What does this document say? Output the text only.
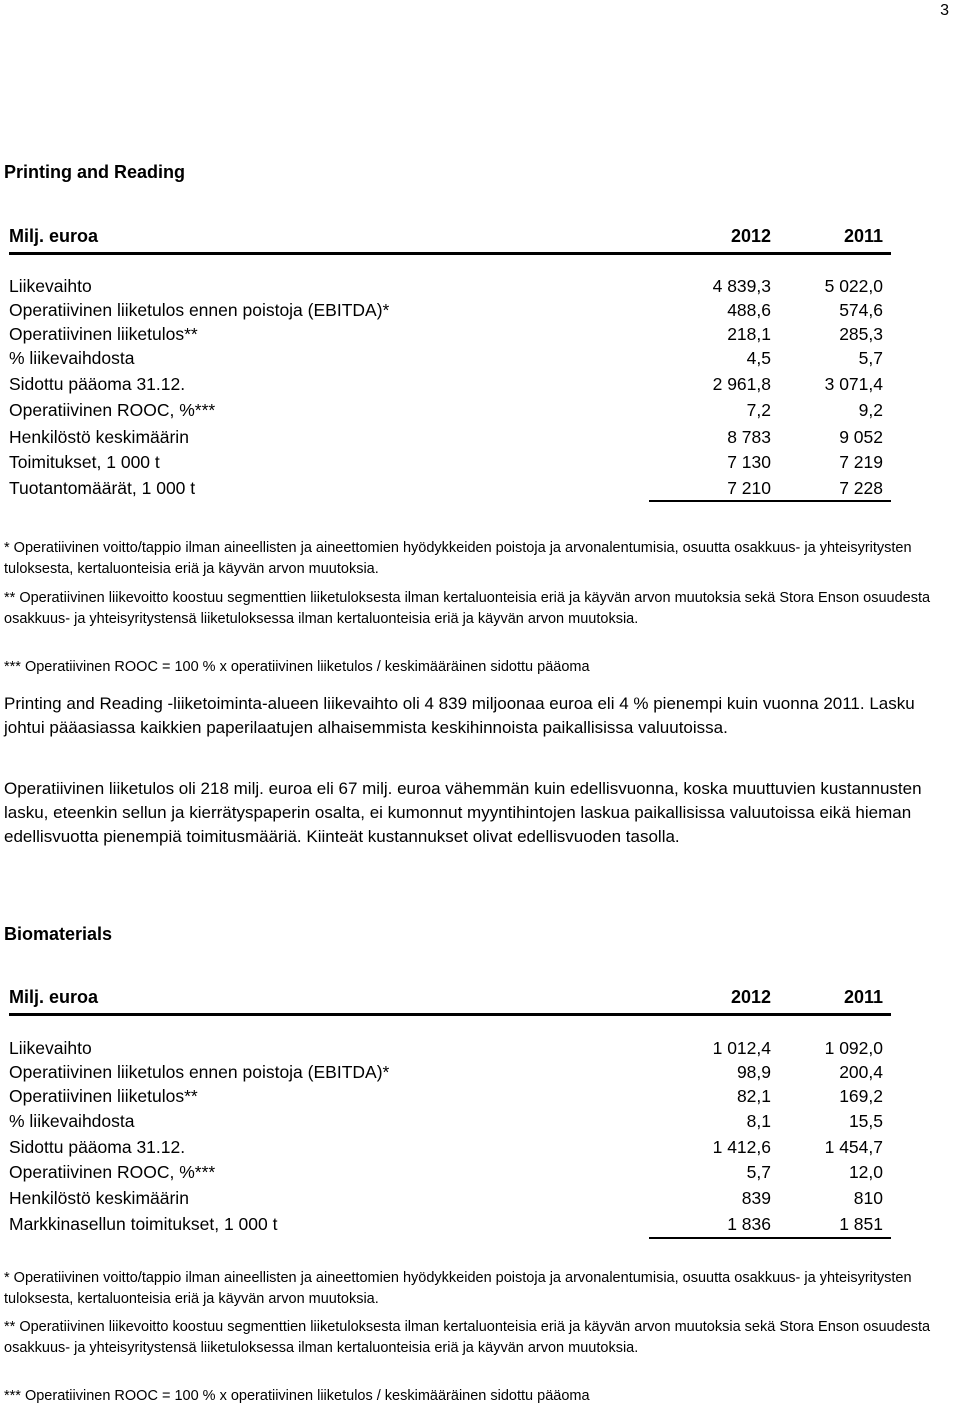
3
Printing and Reading
Milj. euroa	2012	2011
Liikevaihto	4 839,3	5 022,0
Operatiivinen liiketulos ennen poistoja (EBITDA)*	488,6	574,6
Operatiivinen liiketulos**	218,1	285,3
% liikevaihdosta	4,5	5,7
Sidottu pääoma 31.12.	2 961,8	3 071,4
Operatiivinen ROOC, %***	7,2	9,2
Henkilöstö keskimäärin	8 783	9 052
Toimitukset, 1 000 t	7 130	7 219
Tuotantomäärät, 1 000 t	7 210	7 228
* Operatiivinen voitto/tappio ilman aineellisten ja aineettomien hyödykkeiden poistoja ja arvonalentumisia, osuutta osakkuus- ja yhteisyritysten tuloksesta, kertaluonteisia eriä ja käyvän arvon muutoksia.
** Operatiivinen liikevoitto koostuu segmenttien liiketuloksesta ilman kertaluonteisia eriä ja käyvän arvon muutoksia sekä Stora Enson osuudesta osakkuus- ja yhteisyritystensä liiketuloksessa ilman kertaluonteisia eriä ja käyvän arvon muutoksia.
*** Operatiivinen ROOC = 100 % x operatiivinen liiketulos / keskimääräinen sidottu pääoma
Printing and Reading -liiketoiminta-alueen liikevaihto oli 4 839 miljoonaa euroa eli 4 % pienempi kuin vuonna 2011. Lasku johtui pääasiassa kaikkien paperilaatujen alhaisemmista keskihinnoista paikallisissa valuutoissa.
Operatiivinen liiketulos oli 218 milj. euroa eli 67 milj. euroa vähemmän kuin edellisvuonna, koska muuttuvien kustannusten lasku, eteenkin sellun ja kierrätyspaperin osalta, ei kumonnut myyntihintojen laskua paikallisissa valuutoissa eikä hieman edellisvuotta pienempiä toimitusmääriä. Kiinteät kustannukset olivat edellisvuoden tasolla.
Biomaterials
Milj. euroa	2012	2011
Liikevaihto	1 012,4	1 092,0
Operatiivinen liiketulos ennen poistoja (EBITDA)*	98,9	200,4
Operatiivinen liiketulos**	82,1	169,2
% liikevaihdosta	8,1	15,5
Sidottu pääoma 31.12.	1 412,6	1 454,7
Operatiivinen ROOC, %***	5,7	12,0
Henkilöstö keskimäärin	839	810
Markkinasellun toimitukset, 1 000 t	1 836	1 851
* Operatiivinen voitto/tappio ilman aineellisten ja aineettomien hyödykkeiden poistoja ja arvonalentumisia, osuutta osakkuus- ja yhteisyritysten tuloksesta, kertaluonteisia eriä ja käyvän arvon muutoksia.
** Operatiivinen liikevoitto koostuu segmenttien liiketuloksesta ilman kertaluonteisia eriä ja käyvän arvon muutoksia sekä Stora Enson osuudesta osakkuus- ja yhteisyritystensä liiketuloksessa ilman kertaluonteisia eriä ja käyvän arvon muutoksia.
*** Operatiivinen ROOC = 100 % x operatiivinen liiketulos / keskimääräinen sidottu pääoma
